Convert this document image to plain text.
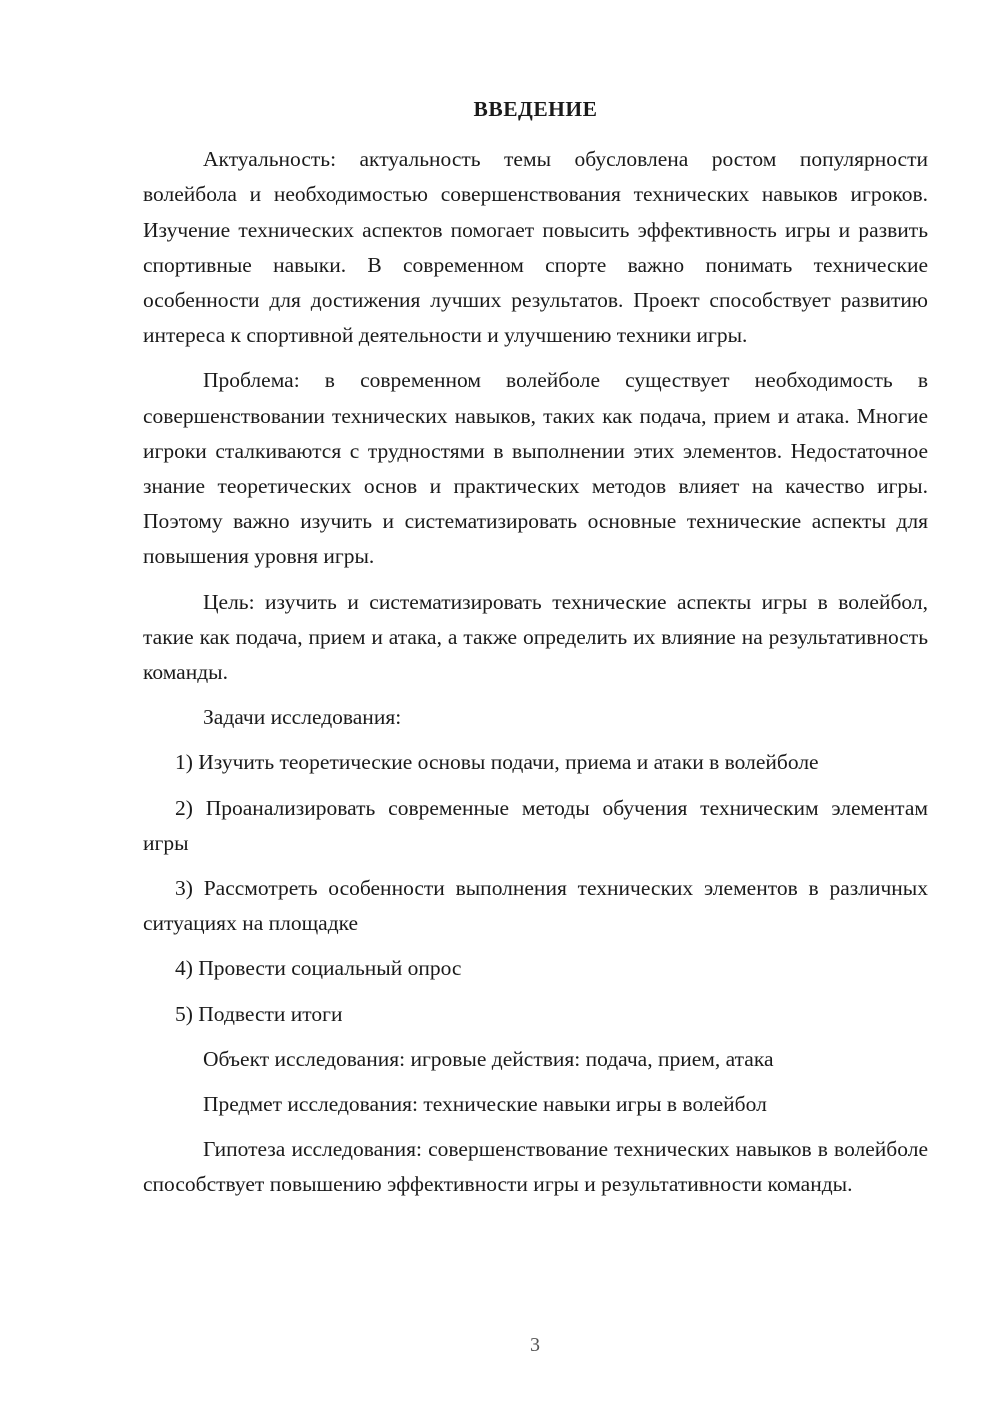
ВВЕДЕНИЕ

Актуальность: актуальность темы обусловлена ростом популярности волейбола и необходимостью совершенствования технических навыков игроков. Изучение технических аспектов помогает повысить эффективность игры и развить спортивные навыки. В современном спорте важно понимать технические особенности для достижения лучших результатов. Проект способствует развитию интереса к спортивной деятельности и улучшению техники игры.

Проблема: в современном волейболе существует необходимость в совершенствовании технических навыков, таких как подача, прием и атака. Многие игроки сталкиваются с трудностями в выполнении этих элементов. Недостаточное знание теоретических основ и практических методов влияет на качество игры. Поэтому важно изучить и систематизировать основные технические аспекты для повышения уровня игры.

Цель: изучить и систематизировать технические аспекты игры в волейбол, такие как подача, прием и атака, а также определить их влияние на результативность команды.

Задачи исследования:

1) Изучить теоретические основы подачи, приема и атаки в волейболе

2) Проанализировать современные методы обучения техническим элементам игры

3) Рассмотреть особенности выполнения технических элементов в различных ситуациях на площадке

4) Провести социальный опрос

5) Подвести итоги

Объект исследования: игровые действия: подача, прием, атака

Предмет исследования: технические навыки игры в волейбол

Гипотеза исследования: совершенствование технических навыков в волейболе способствует повышению эффективности игры и результативности команды.

3
